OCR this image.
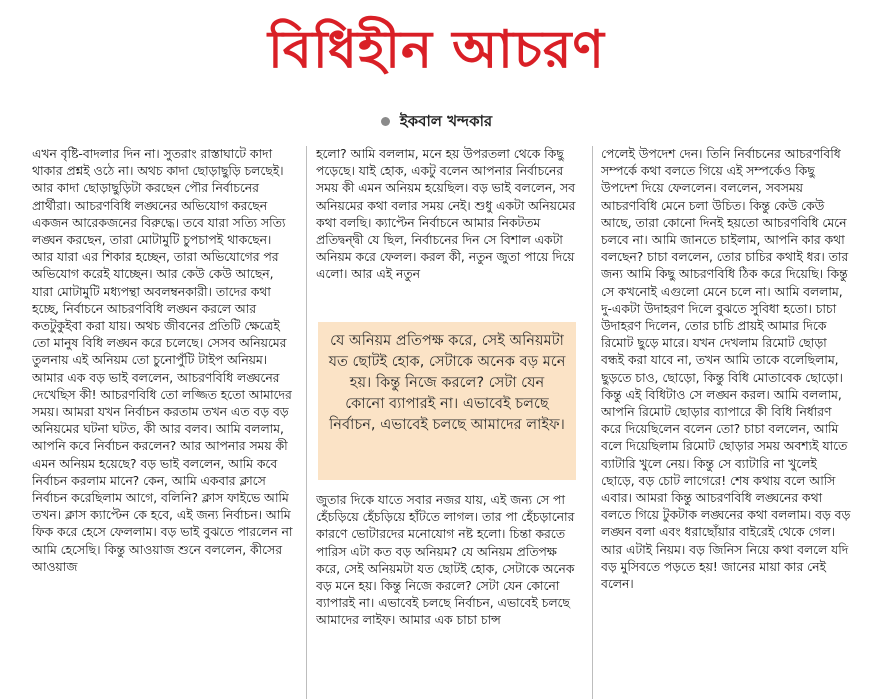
বিধিহীন আচরণ
ইকবাল খন্দকার

এখন বৃষ্টি-বাদলার দিন না। সুতরাং রাস্তাঘাটে কাদা থাকার প্রশ্নই ওঠে না। অথচ কাদা ছোড়াছুড়ি চলছেই। আর কাদা ছোড়াছুড়িটা করছেন পৌর নির্বাচনের প্রার্থীরা। আচরণবিধি লঙ্ঘনের অভিযোগ করছেন একজন আরেকজনের বিরুদ্ধে। তবে যারা সত্যি সত্যি লঙ্ঘন করছেন, তারা মোটামুটি চুপচাপই থাকছেন। আর যারা এর শিকার হচ্ছেন, তারা অভিযোগের পর অভিযোগ করেই যাচ্ছেন। আর কেউ কেউ আছেন, যারা মোটামুটি মধ্যপন্থা অবলম্বনকারী। তাদের কথা হচ্ছে, নির্বাচনে আচরণবিধি লঙ্ঘন করলে আর কতটুকুইবা করা যায়। অথচ জীবনের প্রতিটি ক্ষেত্রেই তো মানুষ বিধি লঙ্ঘন করে চলেছে। সেসব অনিয়মের তুলনায় এই অনিয়ম তো চুনোপুঁটি টাইপ অনিয়ম। আমার এক বড় ভাই বললেন, আচরণবিধি লঙ্ঘনের দেখেছিস কী! আচরণবিধি তো লজ্জিত হতো আমাদের সময়। আমরা যখন নির্বাচন করতাম তখন এত বড় বড় অনিয়মের ঘটনা ঘটত, কী আর বলব। আমি বললাম, আপনি কবে নির্বাচন করলেন? আর আপনার সময় কী এমন অনিয়ম হয়েছে? বড় ভাই বললেন, আমি কবে নির্বাচন করলাম মানে? কেন, আমি একবার ক্লাসে নির্বাচন করেছিলাম আগে, বলিনি? ক্লাস ফাইভে আমি তখন। ক্লাস ক্যাপ্টেন কে হবে, এই জন্য নির্বাচন। আমি ফিক করে হেসে ফেললাম। বড় ভাই বুঝতে পারলেন না আমি হেসেছি। কিন্তু আওয়াজ শুনে বললেন, কীসের আওয়াজ

হলো? আমি বললাম, মনে হয় উপরতলা থেকে কিছু পড়েছে। যাই হোক, একটু বলেন আপনার নির্বাচনের সময় কী এমন অনিয়ম হয়েছিল। বড় ভাই বললেন, সব অনিয়মের কথা বলার সময় নেই। শুধু একটা অনিয়মের কথা বলছি। ক্যাপ্টেন নির্বাচনে আমার নিকটতম প্রতিদ্বন্দ্বী যে ছিল, নির্বাচনের দিন সে বিশাল একটা অনিয়ম করে ফেলল। করল কী, নতুন জুতা পায়ে দিয়ে এলো। আর এই নতুন

যে অনিয়ম প্রতিপক্ষ করে, সেই অনিয়মটা যত ছোটই হোক, সেটাকে অনেক বড় মনে হয়। কিন্তু নিজে করলে? সেটা যেন কোনো ব্যাপারই না। এভাবেই চলছে নির্বাচন, এভাবেই চলছে আমাদের লাইফ।

জুতার দিকে যাতে সবার নজর যায়, এই জন্য সে পা হেঁচড়িয়ে হেঁচড়িয়ে হাঁটতে লাগল। তার পা হেঁচড়ানোর কারণে ভোটারদের মনোযোগ নষ্ট হলো। চিন্তা করতে পারিস এটা কত বড় অনিয়ম? যে অনিয়ম প্রতিপক্ষ করে, সেই অনিয়মটা যত ছোটই হোক, সেটাকে অনেক বড় মনে হয়। কিন্তু নিজে করলে? সেটা যেন কোনো ব্যাপারই না। এভাবেই চলছে নির্বাচন, এভাবেই চলছে আমাদের লাইফ। আমার এক চাচা চান্স

পেলেই উপদেশ দেন। তিনি নির্বাচনের আচরণবিধি সম্পর্কে কথা বলতে গিয়ে এই সম্পর্কেও কিছু উপদেশ দিয়ে ফেললেন। বললেন, সবসময় আচরণবিধি মেনে চলা উচিত। কিন্তু কেউ কেউ আছে, তারা কোনো দিনই হয়তো আচরণবিধি মেনে চলবে না। আমি জানতে চাইলাম, আপনি কার কথা বলছেন? চাচা বললেন, তোর চাচির কথাই ধর। তার জন্য আমি কিছু আচরণবিধি ঠিক করে দিয়েছি। কিন্তু সে কখনোই এগুলো মেনে চলে না। আমি বললাম, দু-একটা উদাহরণ দিলে বুঝতে সুবিধা হতো। চাচা উদাহরণ দিলেন, তোর চাচি প্রায়ই আমার দিকে রিমোট ছুড়ে মারে। যখন দেখলাম রিমোট ছোড়া বন্ধই করা যাবে না, তখন আমি তাকে বলেছিলাম, ছুড়তে চাও, ছোড়ো, কিন্তু বিধি মোতাবেক ছোড়ো। কিন্তু এই বিধিটাও সে লঙ্ঘন করল। আমি বললাম, আপনি রিমোট ছোড়ার ব্যাপারে কী বিধি নির্ধারণ করে দিয়েছিলেন বলেন তো? চাচা বললেন, আমি বলে দিয়েছিলাম রিমোট ছোড়ার সময় অবশ্যই যাতে ব্যাটারি খুলে নেয়। কিন্তু সে ব্যাটারি না খুলেই ছোড়ে, বড় চোট লাগেরে! শেষ কথায় বলে আসি এবার। আমরা কিন্তু আচরণবিধি লঙ্ঘনের কথা বলতে গিয়ে টুকটাক লঙ্ঘনের কথা বললাম। বড় বড় লঙ্ঘন বলা এবং ধরাছোঁয়ার বাইরেই থেকে গেল। আর এটাই নিয়ম। বড় জিনিস নিয়ে কথা বললে যদি বড় মুসিবতে পড়তে হয়! জানের মায়া কার নেই বলেন।
